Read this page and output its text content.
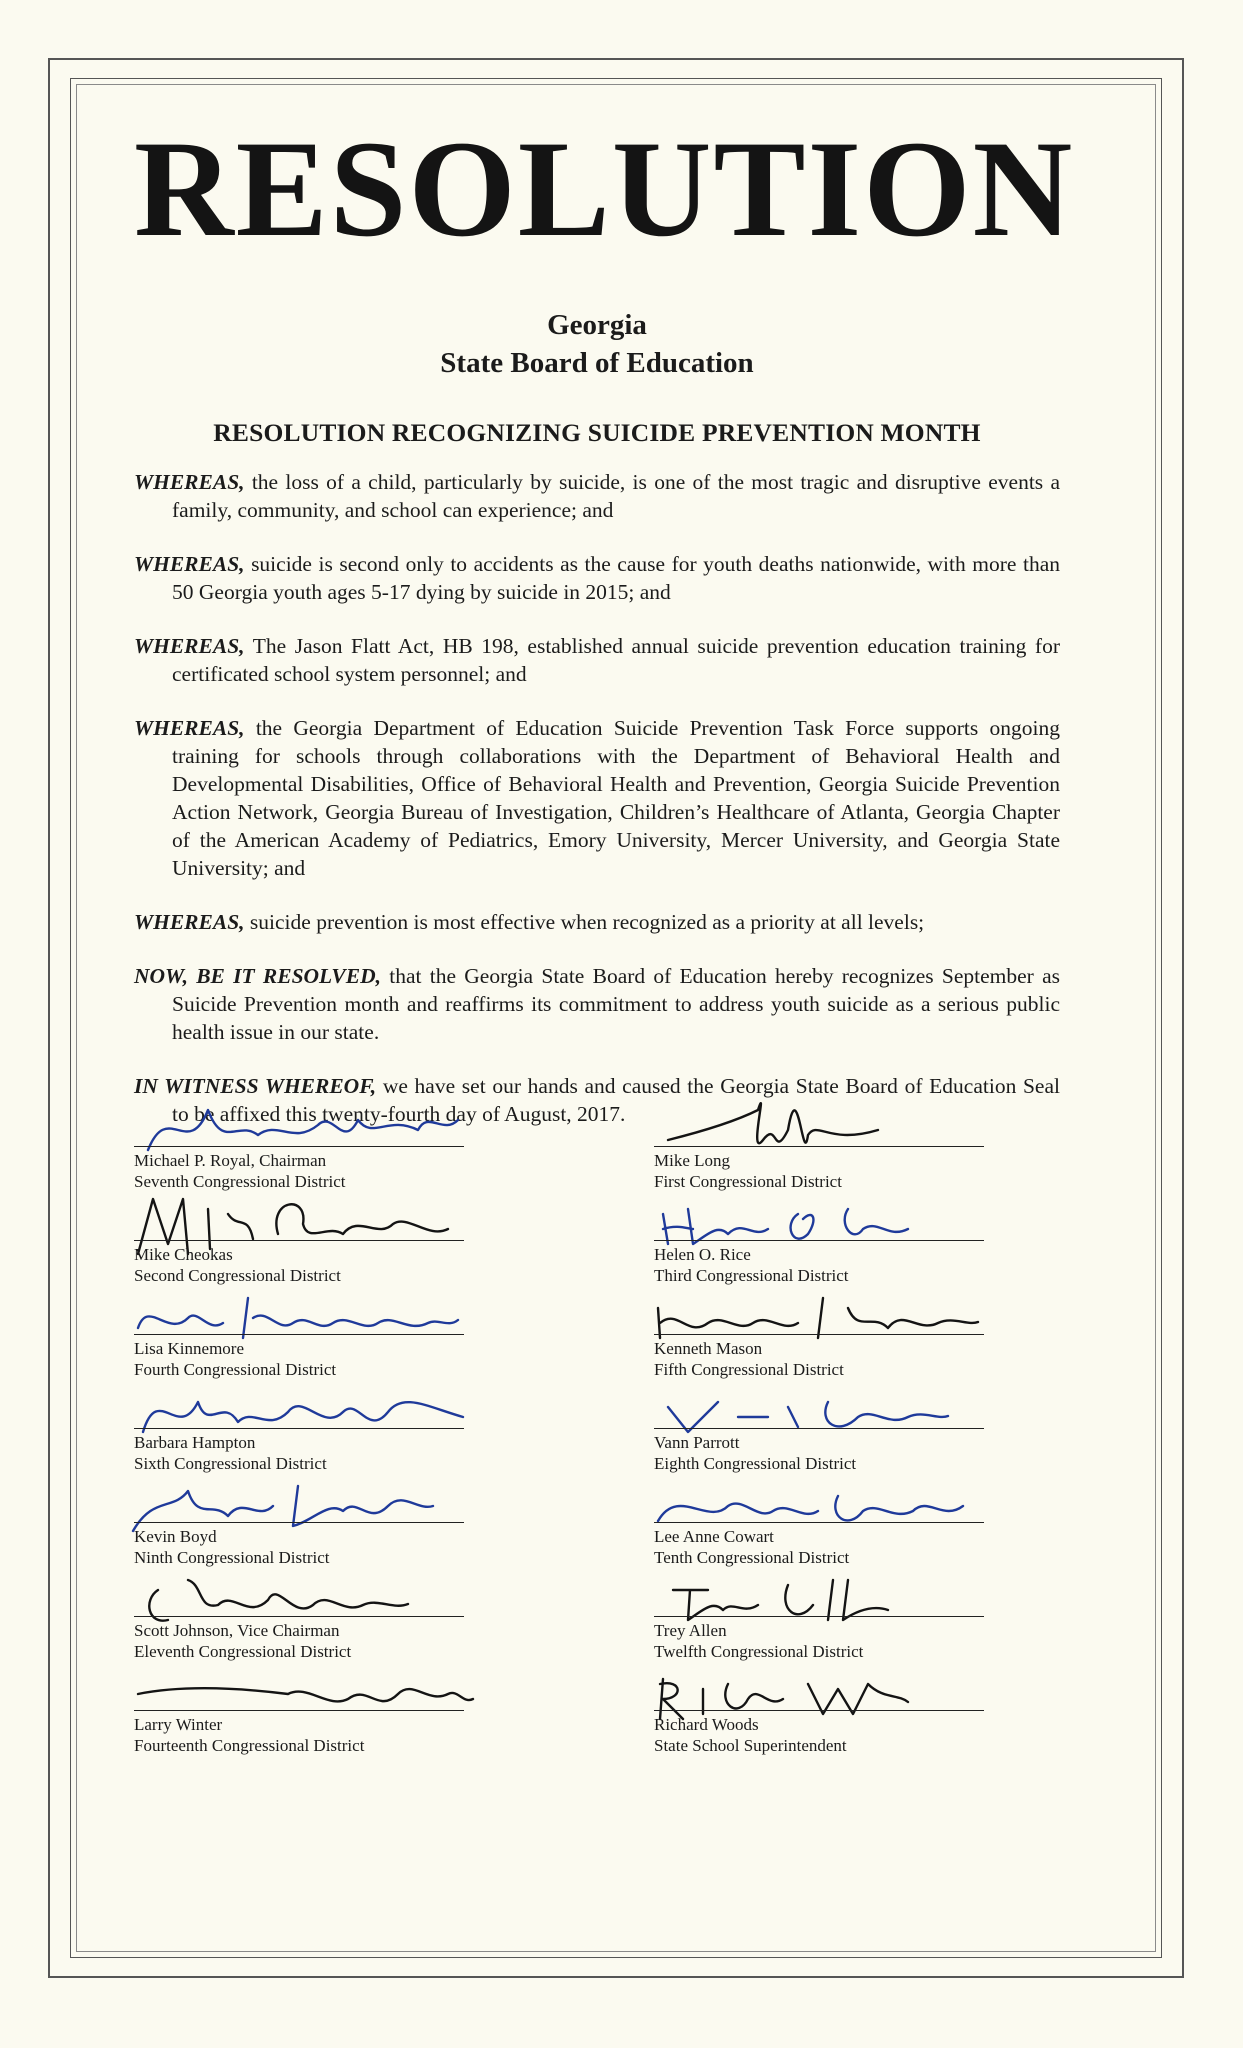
RESOLUTION
Georgia
State Board of Education
RESOLUTION RECOGNIZING SUICIDE PREVENTION MONTH

WHEREAS, the loss of a child, particularly by suicide, is one of the most tragic and disruptive events a family, community, and school can experience; and

WHEREAS, suicide is second only to accidents as the cause for youth deaths nationwide, with more than 50 Georgia youth ages 5-17 dying by suicide in 2015; and

WHEREAS, The Jason Flatt Act, HB 198, established annual suicide prevention education training for certificated school system personnel; and

WHEREAS, the Georgia Department of Education Suicide Prevention Task Force supports ongoing training for schools through collaborations with the Department of Behavioral Health and Developmental Disabilities, Office of Behavioral Health and Prevention, Georgia Suicide Prevention Action Network, Georgia Bureau of Investigation, Children’s Healthcare of Atlanta, Georgia Chapter of the American Academy of Pediatrics, Emory University, Mercer University, and Georgia State University; and

WHEREAS, suicide prevention is most effective when recognized as a priority at all levels;

NOW, BE IT RESOLVED, that the Georgia State Board of Education hereby recognizes September as Suicide Prevention month and reaffirms its commitment to address youth suicide as a serious public health issue in our state.

IN WITNESS WHEREOF, we have set our hands and caused the Georgia State Board of Education Seal to be affixed this twenty-fourth day of August, 2017.

Michael P. Royal, Chairman
Seventh Congressional District
Mike Cheokas
Second Congressional District
Lisa Kinnemore
Fourth Congressional District
Barbara Hampton
Sixth Congressional District
Kevin Boyd
Ninth Congressional District
Scott Johnson, Vice Chairman
Eleventh Congressional District
Larry Winter
Fourteenth Congressional District
Mike Long
First Congressional District
Helen O. Rice
Third Congressional District
Kenneth Mason
Fifth Congressional District
Vann Parrott
Eighth Congressional District
Lee Anne Cowart
Tenth Congressional District
Trey Allen
Twelfth Congressional District
Richard Woods
State School Superintendent
